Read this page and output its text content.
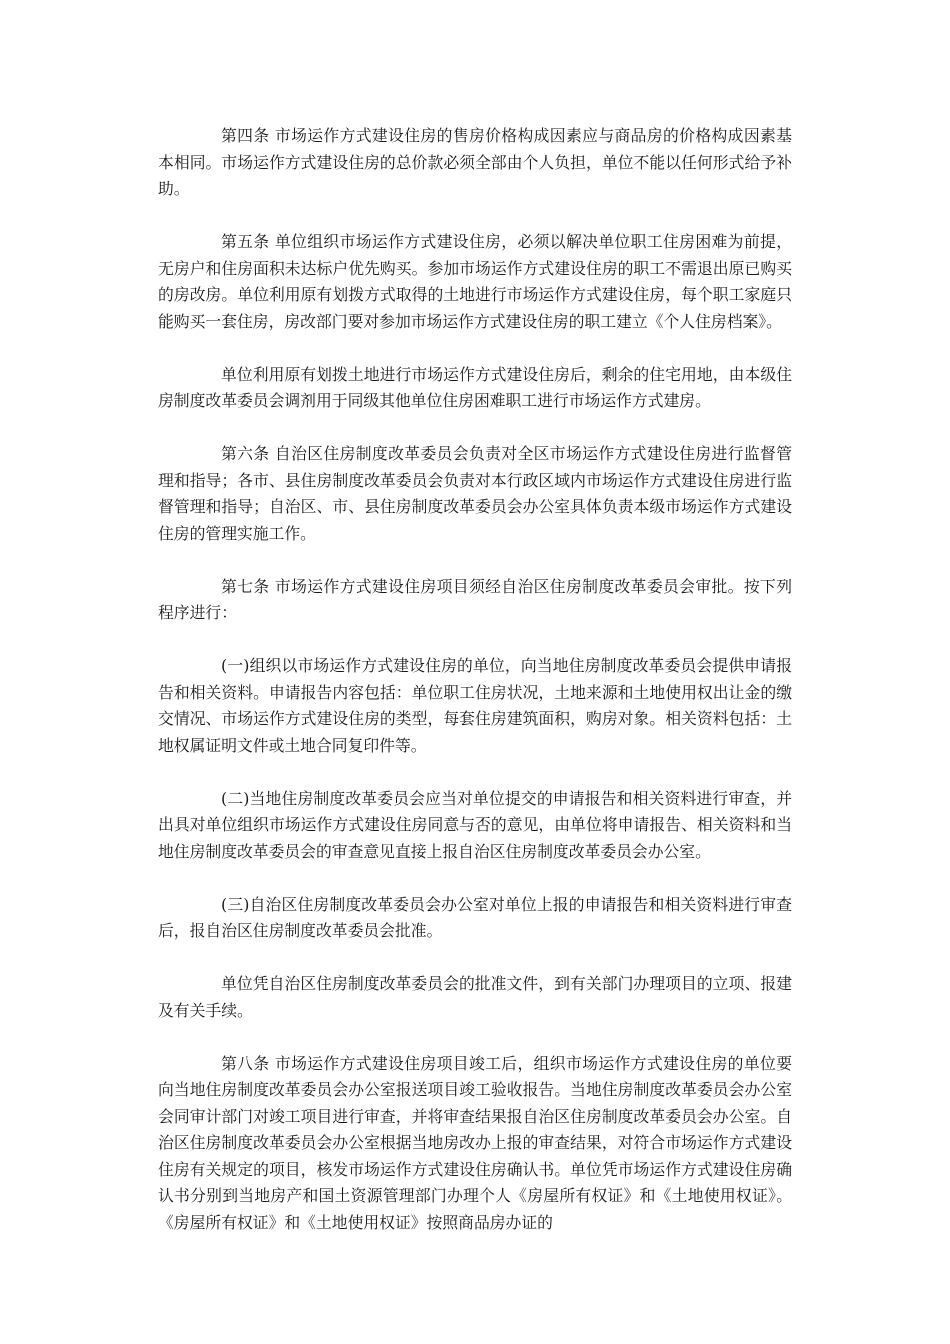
第四条 市场运作方式建设住房的售房价格构成因素应与商品房的价格构成因素基本相同。市场运作方式建设住房的总价款必须全部由个人负担，单位不能以任何形式给予补助。

第五条 单位组织市场运作方式建设住房，必须以解决单位职工住房困难为前提，无房户和住房面积未达标户优先购买。参加市场运作方式建设住房的职工不需退出原已购买的房改房。单位利用原有划拨方式取得的土地进行市场运作方式建设住房，每个职工家庭只能购买一套住房，房改部门要对参加市场运作方式建设住房的职工建立《个人住房档案》。

单位利用原有划拨土地进行市场运作方式建设住房后，剩余的住宅用地，由本级住房制度改革委员会调剂用于同级其他单位住房困难职工进行市场运作方式建房。

第六条 自治区住房制度改革委员会负责对全区市场运作方式建设住房进行监督管理和指导；各市、县住房制度改革委员会负责对本行政区域内市场运作方式建设住房进行监督管理和指导；自治区、市、县住房制度改革委员会办公室具体负责本级市场运作方式建设住房的管理实施工作。

第七条 市场运作方式建设住房项目须经自治区住房制度改革委员会审批。按下列程序进行：

(一)组织以市场运作方式建设住房的单位，向当地住房制度改革委员会提供申请报告和相关资料。申请报告内容包括：单位职工住房状况，土地来源和土地使用权出让金的缴交情况、市场运作方式建设住房的类型，每套住房建筑面积，购房对象。相关资料包括：土地权属证明文件或土地合同复印件等。

(二)当地住房制度改革委员会应当对单位提交的申请报告和相关资料进行审查，并出具对单位组织市场运作方式建设住房同意与否的意见，由单位将申请报告、相关资料和当地住房制度改革委员会的审查意见直接上报自治区住房制度改革委员会办公室。

(三)自治区住房制度改革委员会办公室对单位上报的申请报告和相关资料进行审查后，报自治区住房制度改革委员会批准。

单位凭自治区住房制度改革委员会的批准文件，到有关部门办理项目的立项、报建及有关手续。

第八条 市场运作方式建设住房项目竣工后，组织市场运作方式建设住房的单位要向当地住房制度改革委员会办公室报送项目竣工验收报告。当地住房制度改革委员会办公室会同审计部门对竣工项目进行审查，并将审查结果报自治区住房制度改革委员会办公室。自治区住房制度改革委员会办公室根据当地房改办上报的审查结果，对符合市场运作方式建设住房有关规定的项目，核发市场运作方式建设住房确认书。单位凭市场运作方式建设住房确认书分别到当地房产和国土资源管理部门办理个人《房屋所有权证》和《土地使用权证》。《房屋所有权证》和《土地使用权证》按照商品房办证的
